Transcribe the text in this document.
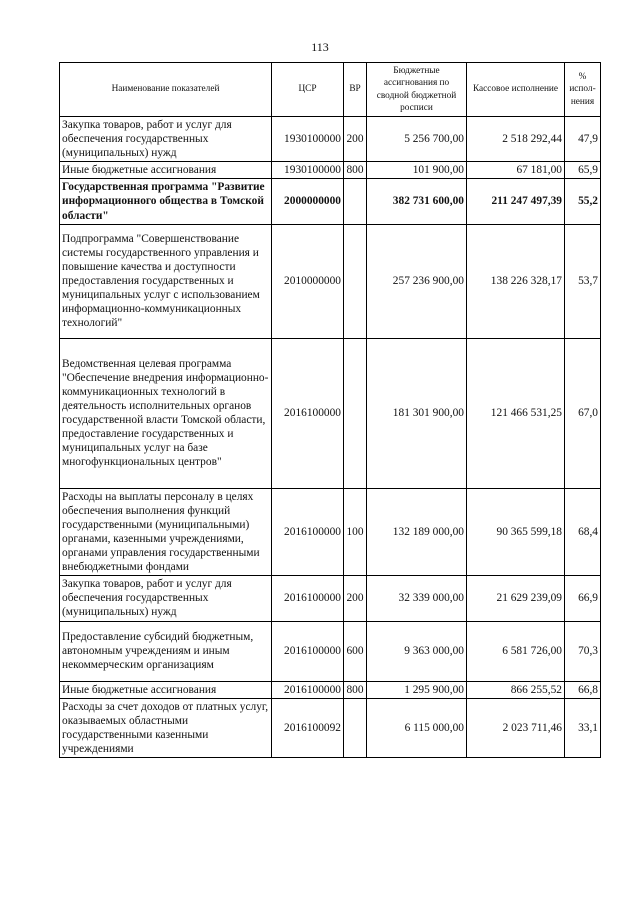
113
Наименование показателей	ЦСР	ВР	Бюджетные ассигнования по сводной бюджетной росписи	Кассовое исполнение	% испол-нения
Закупка товаров, работ и услуг для обеспечения государственных (муниципальных) нужд	1930100000	200	5 256 700,00	2 518 292,44	47,9
Иные бюджетные ассигнования	1930100000	800	101 900,00	67 181,00	65,9
Государственная программа "Развитие информационного общества в Томской области"	2000000000		382 731 600,00	211 247 497,39	55,2
Подпрограмма "Совершенствование системы государственного управления и повышение качества и доступности предоставления государственных и муниципальных услуг с использованием информационно-коммуникационных технологий"	2010000000		257 236 900,00	138 226 328,17	53,7
Ведомственная целевая программа "Обеспечение внедрения информационно-коммуникационных технологий в деятельность исполнительных органов государственной власти Томской области, предоставление государственных и муниципальных услуг на базе многофункциональных центров"	2016100000		181 301 900,00	121 466 531,25	67,0
Расходы на выплаты персоналу в целях обеспечения выполнения функций государственными (муниципальными) органами, казенными учреждениями, органами управления государственными внебюджетными фондами	2016100000	100	132 189 000,00	90 365 599,18	68,4
Закупка товаров, работ и услуг для обеспечения государственных (муниципальных) нужд	2016100000	200	32 339 000,00	21 629 239,09	66,9
Предоставление субсидий бюджетным, автономным учреждениям и иным некоммерческим организациям	2016100000	600	9 363 000,00	6 581 726,00	70,3
Иные бюджетные ассигнования	2016100000	800	1 295 900,00	866 255,52	66,8
Расходы за счет доходов от платных услуг, оказываемых областными государственными казенными учреждениями	2016100092		6 115 000,00	2 023 711,46	33,1
